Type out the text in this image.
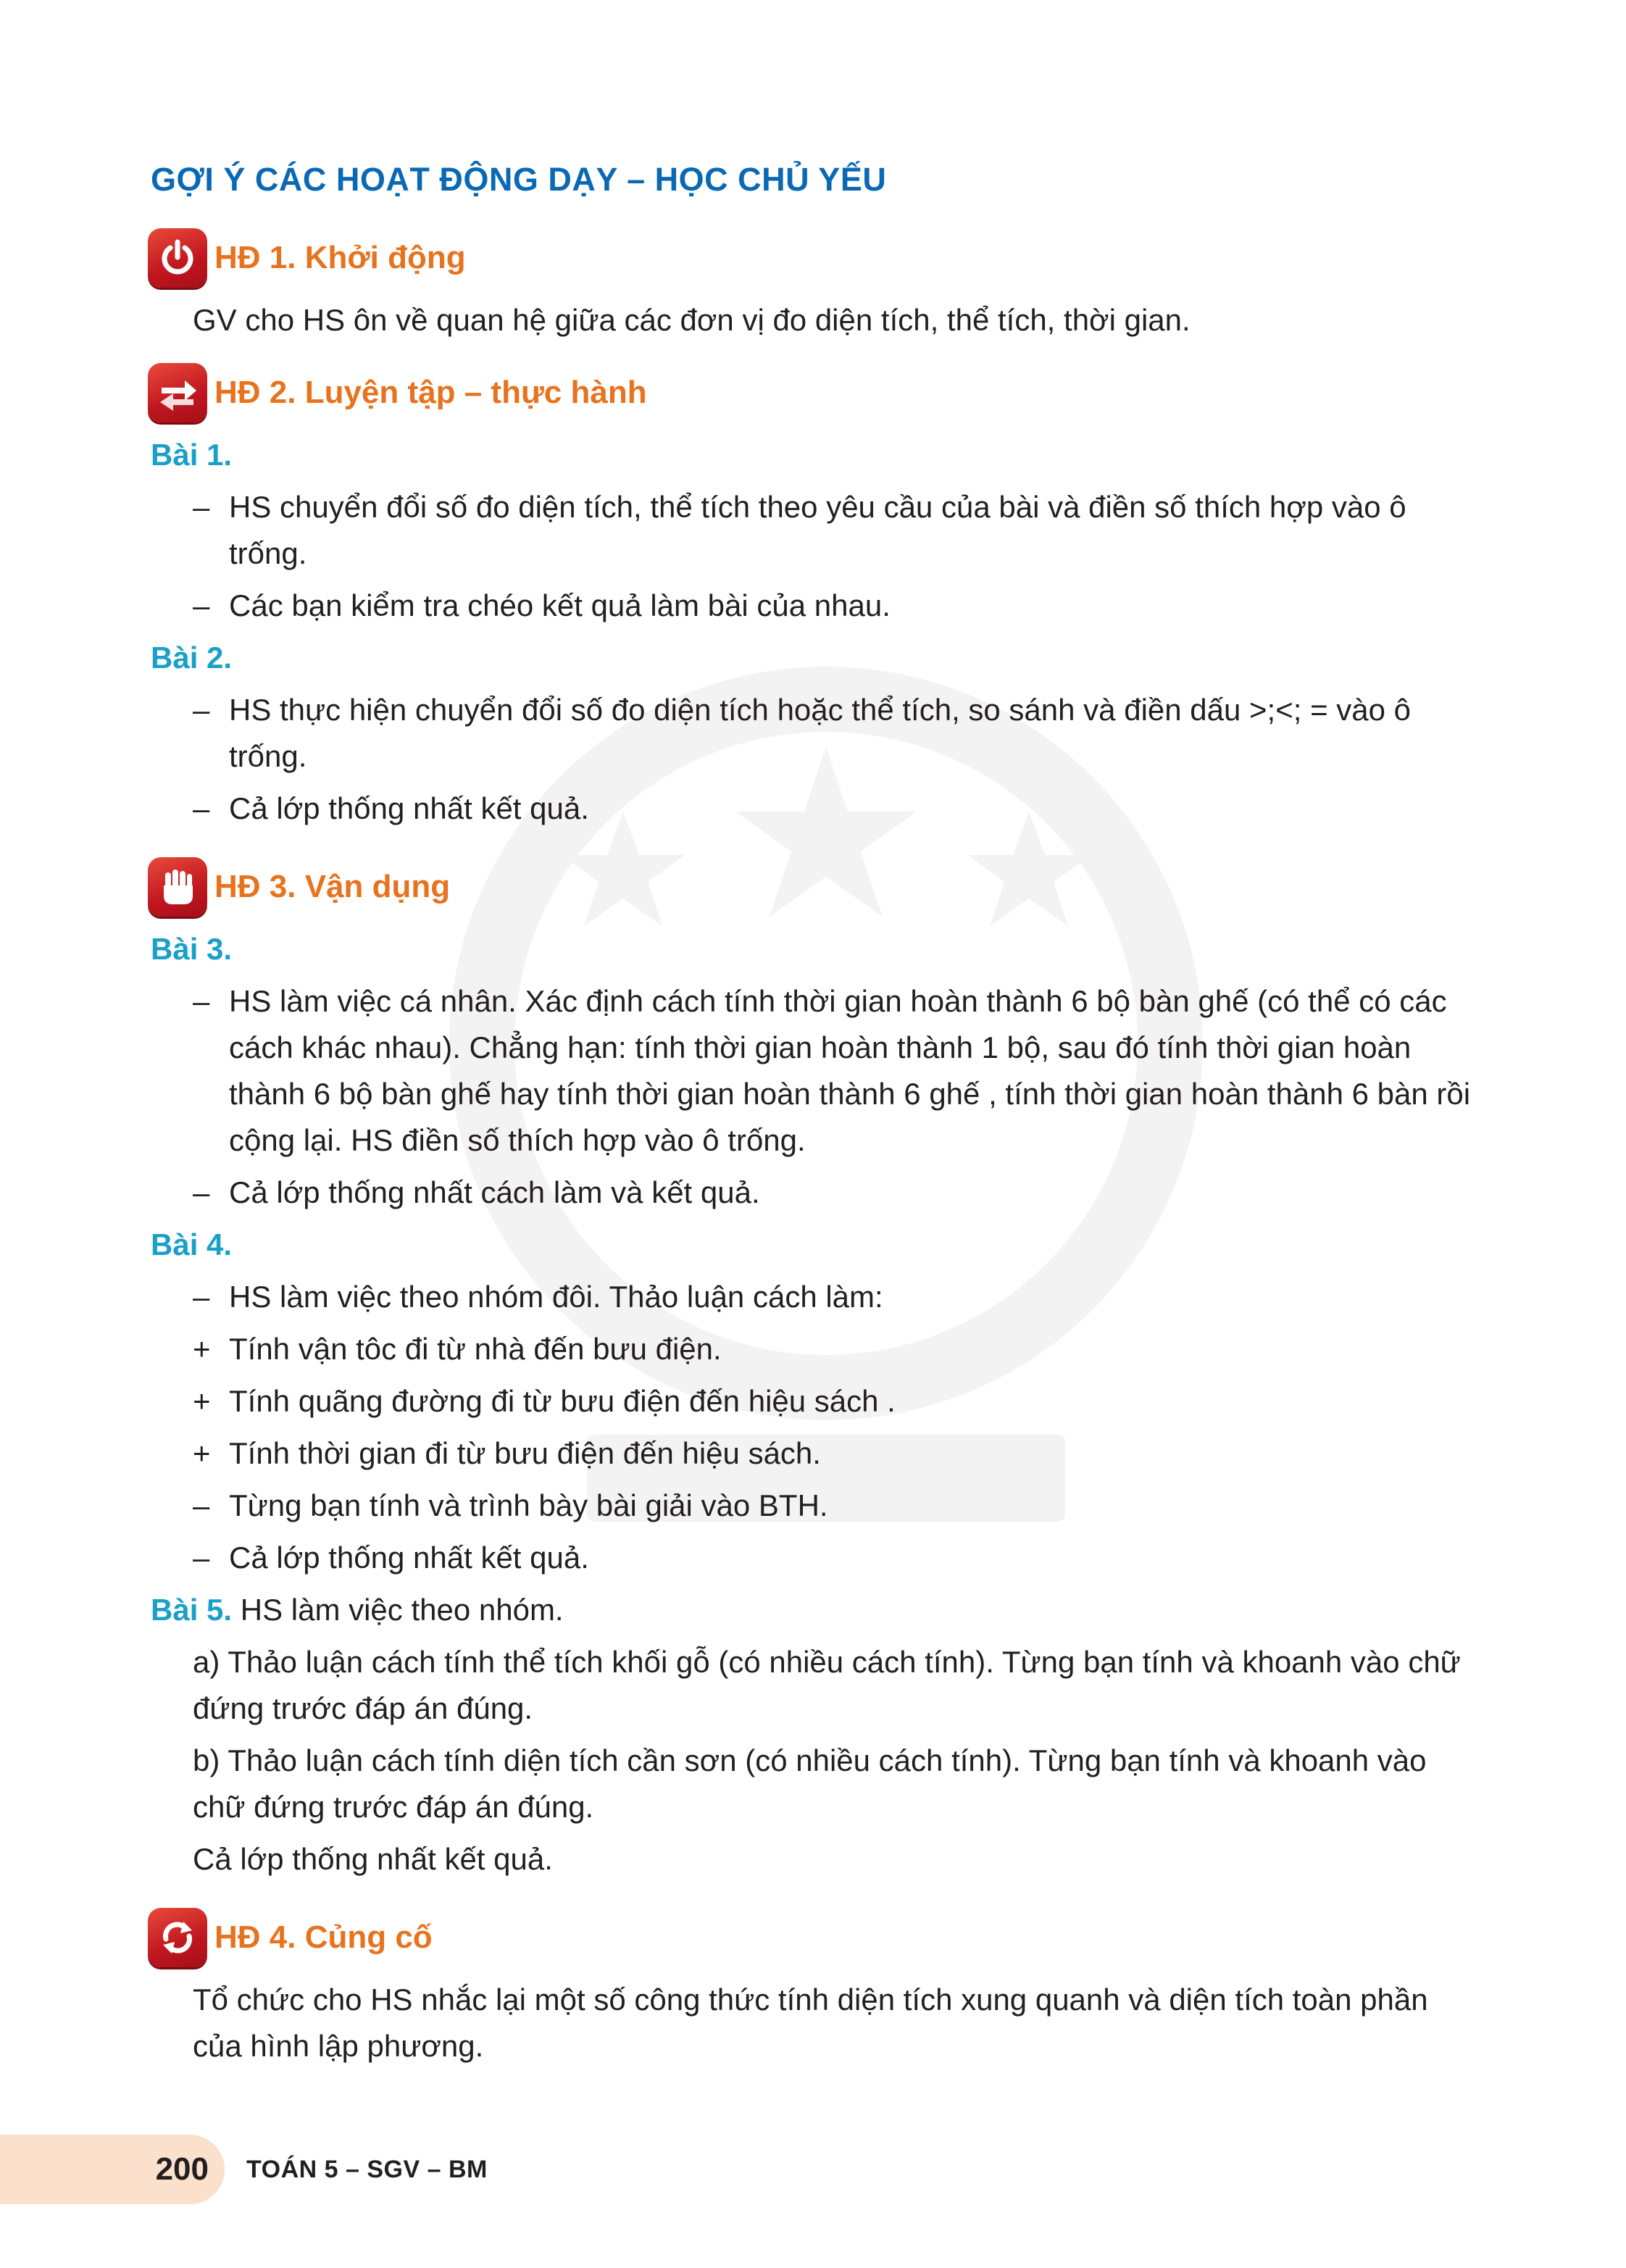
GỢI Ý CÁC HOẠT ĐỘNG DẠY – HỌC CHỦ YẾU
HĐ 1. Khởi động

GV cho HS ôn về quan hệ giữa các đơn vị đo diện tích, thể tích, thời gian.

HĐ 2. Luyện tập – thực hành
Bài 1.
– HS chuyển đổi số đo diện tích, thể tích theo yêu cầu của bài và điền số thích hợp vào ô trống.
– Các bạn kiểm tra chéo kết quả làm bài của nhau.
Bài 2.
– HS thực hiện chuyển đổi số đo diện tích hoặc thể tích, so sánh và điền dấu >;<; = vào ô trống.
– Cả lớp thống nhất kết quả.
HĐ 3. Vận dụng
Bài 3.
– HS làm việc cá nhân. Xác định cách tính thời gian hoàn thành 6 bộ bàn ghế (có thể có các cách khác nhau). Chẳng hạn: tính thời gian hoàn thành 1 bộ, sau đó tính thời gian hoàn thành 6 bộ bàn ghế hay tính thời gian hoàn thành 6 ghế , tính thời gian hoàn thành 6 bàn rồi cộng lại. HS điền số thích hợp vào ô trống.
– Cả lớp thống nhất cách làm và kết quả.
Bài 4.
– HS làm việc theo nhóm đôi. Thảo luận cách làm:
+ Tính vận tôc đi từ nhà đến bưu điện.
+ Tính quãng đường đi từ bưu điện đến hiệu sách .
+ Tính thời gian đi từ bưu điện đến hiệu sách.
– Từng bạn tính và trình bày bài giải vào BTH.
– Cả lớp thống nhất kết quả.

Bài 5. HS làm việc theo nhóm.

a) Thảo luận cách tính thể tích khối gỗ (có nhiều cách tính). Từng bạn tính và khoanh vào chữ đứng trước đáp án đúng.
b) Thảo luận cách tính diện tích cần sơn (có nhiều cách tính). Từng bạn tính và khoanh vào chữ đứng trước đáp án đúng.
Cả lớp thống nhất kết quả.
HĐ 4. Củng cố

Tổ chức cho HS nhắc lại một số công thức tính diện tích xung quanh và diện tích toàn phần của hình lập phương.

200	TOÁN 5 – SGV – BM
